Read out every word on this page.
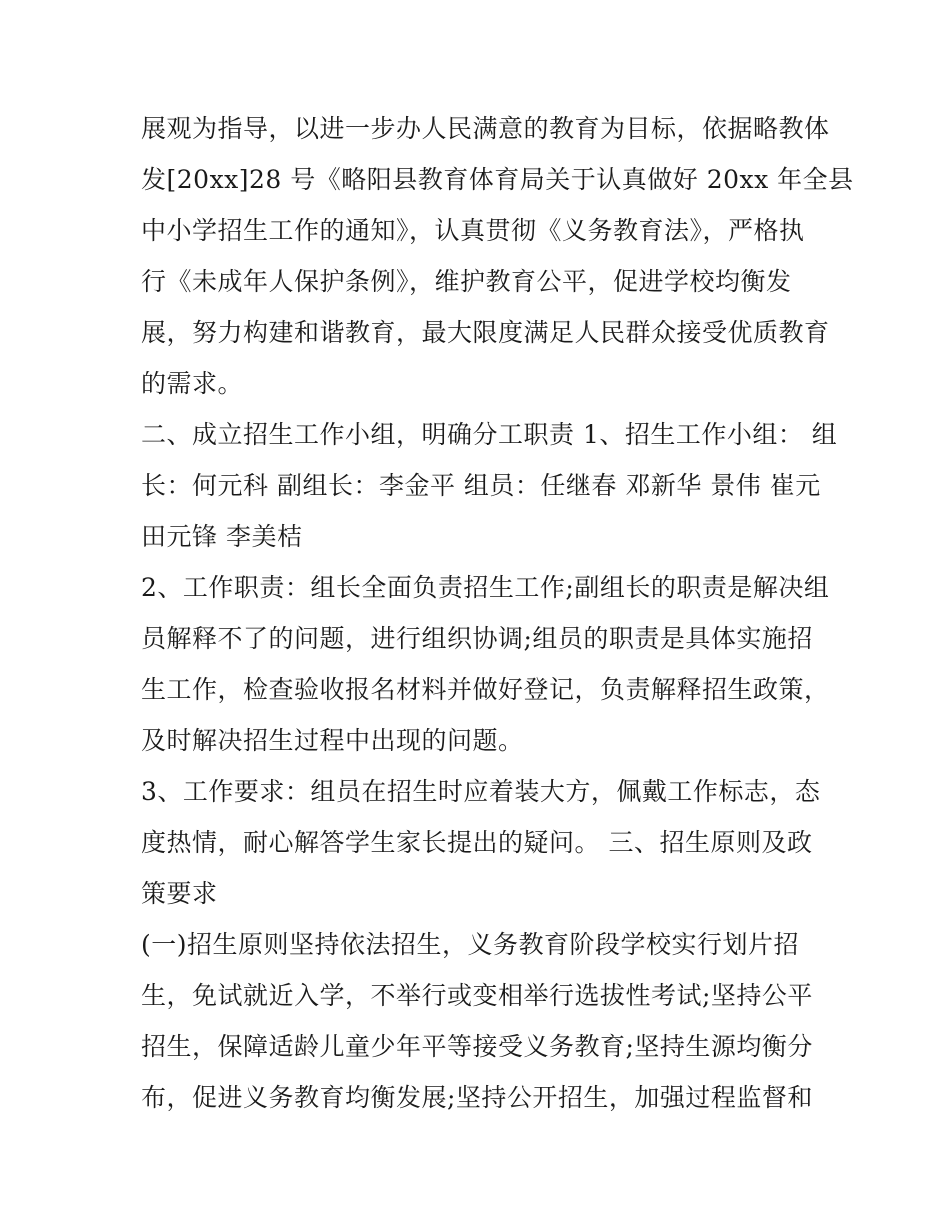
展观为指导，以进一步办人民满意的教育为目标，依据略教体
发[20xx]28 号《略阳县教育体育局关于认真做好 20xx 年全县
中小学招生工作的通知》，认真贯彻《义务教育法》，严格执
行《未成年人保护条例》，维护教育公平，促进学校均衡发
展，努力构建和谐教育，最大限度满足人民群众接受优质教育
的需求。
二、成立招生工作小组，明确分工职责 1、招生工作小组： 组
长：何元科 副组长：李金平 组员：任继春 邓新华 景伟 崔元
田元锋 李美桔
2、工作职责：组长全面负责招生工作;副组长的职责是解决组
员解释不了的问题，进行组织协调;组员的职责是具体实施招
生工作，检查验收报名材料并做好登记，负责解释招生政策，
及时解决招生过程中出现的问题。
3、工作要求：组员在招生时应着装大方，佩戴工作标志，态
度热情，耐心解答学生家长提出的疑问。 三、招生原则及政
策要求
(一)招生原则坚持依法招生，义务教育阶段学校实行划片招
生，免试就近入学，不举行或变相举行选拔性考试;坚持公平
招生，保障适龄儿童少年平等接受义务教育;坚持生源均衡分
布，促进义务教育均衡发展;坚持公开招生，加强过程监督和
